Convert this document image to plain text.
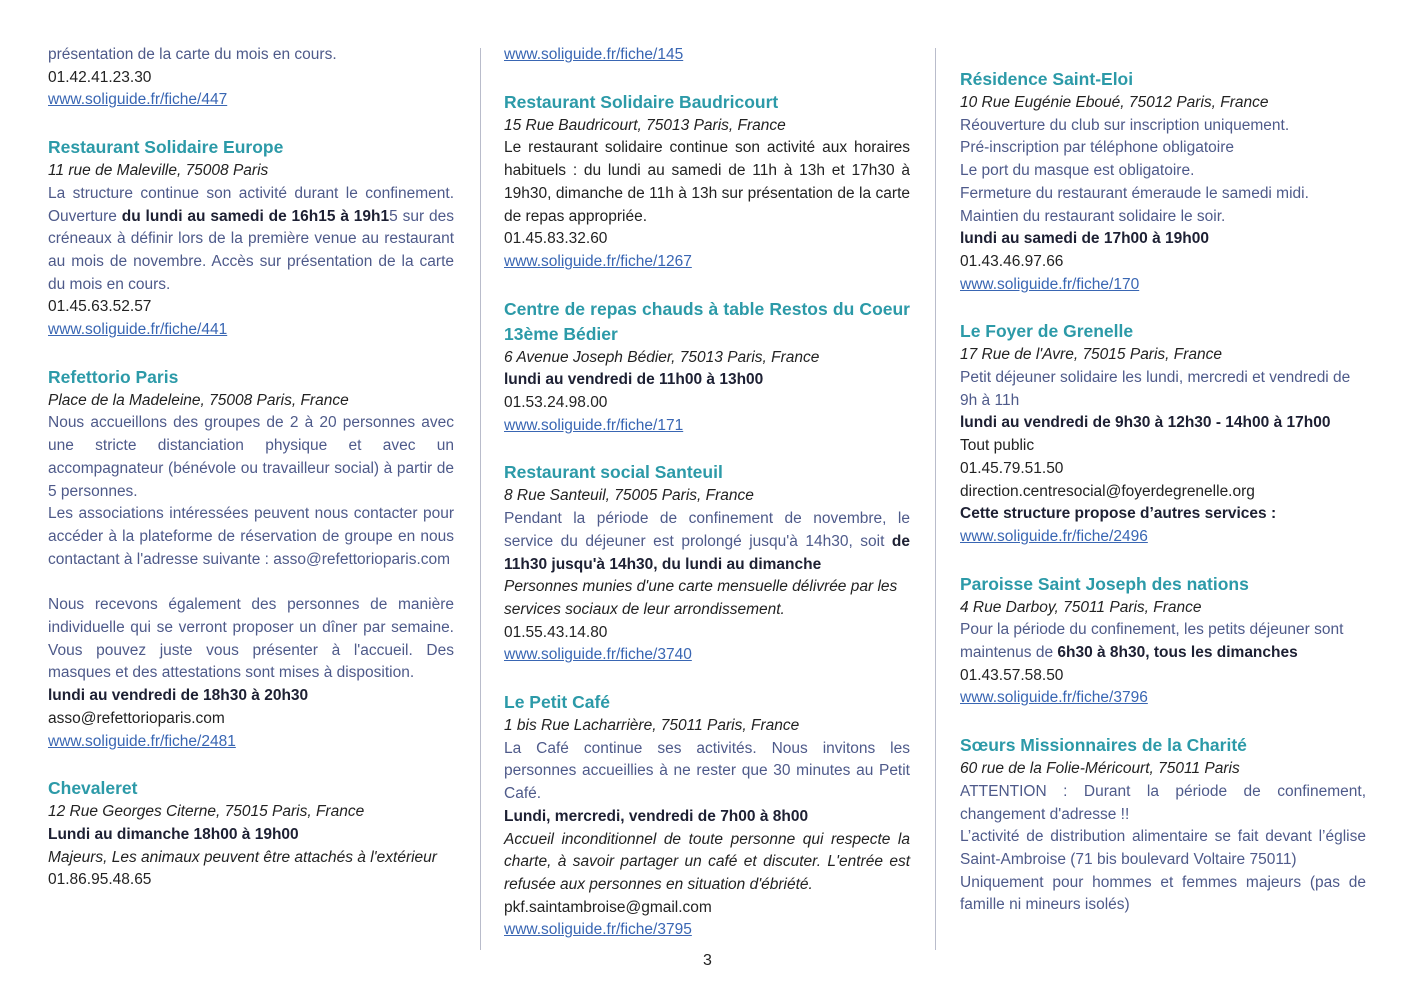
présentation de la carte du mois en cours.
01.42.41.23.30
www.soliguide.fr/fiche/447
Restaurant Solidaire Europe
11 rue de Maleville, 75008 Paris
La structure continue son activité durant le confinement. Ouverture du lundi au samedi de 16h15 à 19h15 sur des créneaux à définir lors de la première venue au restaurant au mois de novembre. Accès sur présentation de la carte du mois en cours.
01.45.63.52.57
www.soliguide.fr/fiche/441
Refettorio Paris
Place de la Madeleine, 75008 Paris, France
Nous accueillons des groupes de 2 à 20 personnes avec une stricte distanciation physique et avec un accompagnateur (bénévole ou travailleur social) à partir de 5 personnes.
Les associations intéressées peuvent nous contacter pour accéder à la plateforme de réservation de groupe en nous contactant à l'adresse suivante : asso@refettorioparis.com
Nous recevons également des personnes de manière individuelle qui se verront proposer un dîner par semaine. Vous pouvez juste vous présenter à l'accueil. Des masques et des attestations sont mises à disposition.
lundi au vendredi de 18h30 à 20h30
asso@refettorioparis.com
www.soliguide.fr/fiche/2481
Chevaleret
12 Rue Georges Citerne, 75015 Paris, France
Lundi au dimanche 18h00 à 19h00
Majeurs, Les animaux peuvent être attachés à l'extérieur
01.86.95.48.65
www.soliguide.fr/fiche/145
Restaurant Solidaire Baudricourt
15 Rue Baudricourt, 75013 Paris, France
Le restaurant solidaire continue son activité aux horaires habituels : du lundi au samedi de 11h à 13h et 17h30 à 19h30, dimanche de 11h à 13h sur présentation de la carte de repas appropriée.
01.45.83.32.60
www.soliguide.fr/fiche/1267
Centre de repas chauds à table Restos du Coeur 13ème Bédier
6 Avenue Joseph Bédier, 75013 Paris, France
lundi au vendredi de 11h00 à 13h00
01.53.24.98.00
www.soliguide.fr/fiche/171
Restaurant social Santeuil
8 Rue Santeuil, 75005 Paris, France
Pendant la période de confinement de novembre, le service du déjeuner est prolongé jusqu'à 14h30, soit de 11h30 jusqu'à 14h30, du lundi au dimanche
Personnes munies d'une carte mensuelle délivrée par les services sociaux de leur arrondissement.
01.55.43.14.80
www.soliguide.fr/fiche/3740
Le Petit Café
1 bis Rue Lacharrière, 75011 Paris, France
La Café continue ses activités. Nous invitons les personnes accueillies à ne rester que 30 minutes au Petit Café.
Lundi, mercredi, vendredi de 7h00 à 8h00
Accueil inconditionnel de toute personne qui respecte la charte, à savoir partager un café et discuter. L'entrée est refusée aux personnes en situation d'ébriété.
pkf.saintambroise@gmail.com
www.soliguide.fr/fiche/3795
Résidence Saint-Eloi
10 Rue Eugénie Eboué, 75012 Paris, France
Réouverture du club sur inscription uniquement.
Pré-inscription par téléphone obligatoire
Le port du masque est obligatoire.
Fermeture du restaurant émeraude le samedi midi.
Maintien du restaurant solidaire le soir.
lundi au samedi de 17h00 à 19h00
01.43.46.97.66
www.soliguide.fr/fiche/170
Le Foyer de Grenelle
17 Rue de l'Avre, 75015 Paris, France
Petit déjeuner solidaire les lundi, mercredi et vendredi de 9h à 11h
lundi au vendredi de 9h30 à 12h30 - 14h00 à 17h00
Tout public
01.45.79.51.50
direction.centresocial@foyerdegrenelle.org
Cette structure propose d’autres services :
www.soliguide.fr/fiche/2496
Paroisse Saint Joseph des nations
4 Rue Darboy, 75011 Paris, France
Pour la période du confinement, les petits déjeuner sont maintenus de 6h30 à 8h30, tous les dimanches
01.43.57.58.50
www.soliguide.fr/fiche/3796
Sœurs Missionnaires de la Charité
60 rue de la Folie-Méricourt, 75011 Paris
ATTENTION : Durant la période de confinement, changement d'adresse !!
L’activité de distribution alimentaire se fait devant l’église Saint-Ambroise (71 bis boulevard Voltaire 75011)
Uniquement pour hommes et femmes majeurs (pas de famille ni mineurs isolés)
3
